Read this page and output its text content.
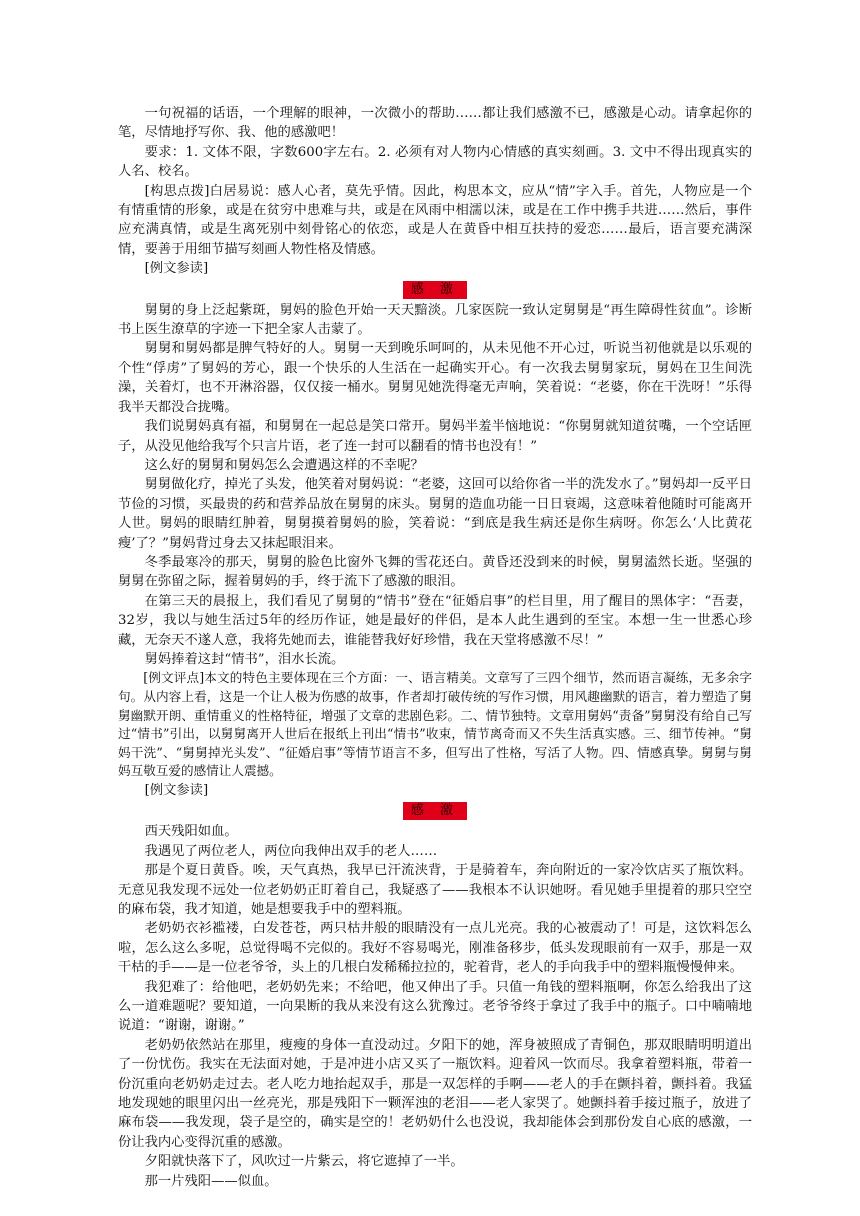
一句祝福的话语，一个理解的眼神，一次微小的帮助……都让我们感激不已，感激是心动。请拿起你的笔，尽情地抒写你、我、他的感激吧！

要求：1. 文体不限，字数600字左右。2. 必须有对人物内心情感的真实刻画。3. 文中不得出现真实的人名、校名。

[构思点拨]白居易说：感人心者，莫先乎情。因此，构思本文，应从“情”字入手。首先，人物应是一个有情重情的形象，或是在贫穷中患难与共，或是在风雨中相濡以沫，或是在工作中携手共进……然后，事件应充满真情，或是生离死别中刻骨铭心的依恋，或是人在黄昏中相互扶持的爱恋……最后，语言要充满深情，要善于用细节描写刻画人物性格及情感。

[例文参读]

感 激

舅舅的身上泛起紫斑，舅妈的脸色开始一天天黯淡。几家医院一致认定舅舅是“再生障碍性贫血”。诊断书上医生潦草的字迹一下把全家人击蒙了。

舅舅和舅妈都是脾气特好的人。舅舅一天到晚乐呵呵的，从未见他不开心过，听说当初他就是以乐观的个性“俘虏”了舅妈的芳心，跟一个快乐的人生活在一起确实开心。有一次我去舅舅家玩，舅妈在卫生间洗澡，关着灯，也不开淋浴器，仅仅接一桶水。舅舅见她洗得毫无声响，笑着说：“老婆，你在干洗呀！”乐得我半天都没合拢嘴。

我们说舅妈真有福，和舅舅在一起总是笑口常开。舅妈半羞半恼地说：“你舅舅就知道贫嘴，一个空话匣子，从没见他给我写个只言片语，老了连一封可以翻看的情书也没有！”

这么好的舅舅和舅妈怎么会遭遇这样的不幸呢？

舅舅做化疗，掉光了头发，他笑着对舅妈说：“老婆，这回可以给你省一半的洗发水了。”舅妈却一反平日节俭的习惯，买最贵的药和营养品放在舅舅的床头。舅舅的造血功能一日日衰竭，这意味着他随时可能离开人世。舅妈的眼睛红肿着，舅舅摸着舅妈的脸，笑着说：“到底是我生病还是你生病呀。你怎么‘人比黄花瘦’了？”舅妈背过身去又抹起眼泪来。

冬季最寒冷的那天，舅舅的脸色比窗外飞舞的雪花还白。黄昏还没到来的时候，舅舅溘然长逝。坚强的舅舅在弥留之际，握着舅妈的手，终于流下了感激的眼泪。

在第三天的晨报上，我们看见了舅舅的“情书”登在“征婚启事”的栏目里，用了醒目的黑体字：“吾妻，32岁，我以与她生活过5年的经历作证，她是最好的伴侣，是本人此生遇到的至宝。本想一生一世悉心珍藏，无奈天不遂人意，我将先她而去，谁能替我好好珍惜，我在天堂将感激不尽！”

舅妈捧着这封“情书”，泪水长流。

[例文评点]本文的特色主要体现在三个方面：一、语言精美。文章写了三四个细节，然而语言凝练，无多余字句。从内容上看，这是一个让人极为伤感的故事，作者却打破传统的写作习惯，用风趣幽默的语言，着力塑造了舅舅幽默开朗、重情重义的性格特征，增强了文章的悲剧色彩。二、情节独特。文章用舅妈“责备”舅舅没有给自己写过“情书”引出，以舅舅离开人世后在报纸上刊出“情书”收束，情节离奇而又不失生活真实感。三、细节传神。“舅妈干洗”、“舅舅掉光头发”、“征婚启事”等情节语言不多，但写出了性格，写活了人物。四、情感真挚。舅舅与舅妈互敬互爱的感情让人震撼。

[例文参读]

感 激

西天残阳如血。

我遇见了两位老人，两位向我伸出双手的老人……

那是个夏日黄昏。唉，天气真热，我早已汗流浃背，于是骑着车，奔向附近的一家冷饮店买了瓶饮料。无意见我发现不远处一位老奶奶正盯着自己，我疑惑了——我根本不认识她呀。看见她手里提着的那只空空的麻布袋，我才知道，她是想要我手中的塑料瓶。

老奶奶衣衫褴褛，白发苍苍，两只枯井般的眼睛没有一点儿光亮。我的心被震动了！可是，这饮料怎么啦，怎么这么多呢，总觉得喝不完似的。我好不容易喝光，刚准备移步，低头发现眼前有一双手，那是一双干枯的手——是一位老爷爷，头上的几根白发稀稀拉拉的，驼着背，老人的手向我手中的塑料瓶慢慢伸来。

我犯难了：给他吧，老奶奶先来；不给吧，他又伸出了手。只值一角钱的塑料瓶啊，你怎么给我出了这么一道难题呢？要知道，一向果断的我从来没有这么犹豫过。老爷爷终于拿过了我手中的瓶子。口中喃喃地说道：“谢谢，谢谢。”

老奶奶依然站在那里，瘦瘦的身体一直没动过。夕阳下的她，浑身被照成了青铜色，那双眼睛明明道出了一份忧伤。我实在无法面对她，于是冲进小店又买了一瓶饮料。迎着风一饮而尽。我拿着塑料瓶，带着一份沉重向老奶奶走过去。老人吃力地抬起双手，那是一双怎样的手啊——老人的手在颤抖着，颤抖着。我猛地发现她的眼里闪出一丝亮光，那是残阳下一颗浑浊的老泪——老人家哭了。她颤抖着手接过瓶子，放进了麻布袋——我发现，袋子是空的，确实是空的！老奶奶什么也没说，我却能体会到那份发自心底的感激，一份让我内心变得沉重的感激。

夕阳就快落下了，风吹过一片紫云，将它遮掉了一半。

那一片残阳——似血。
